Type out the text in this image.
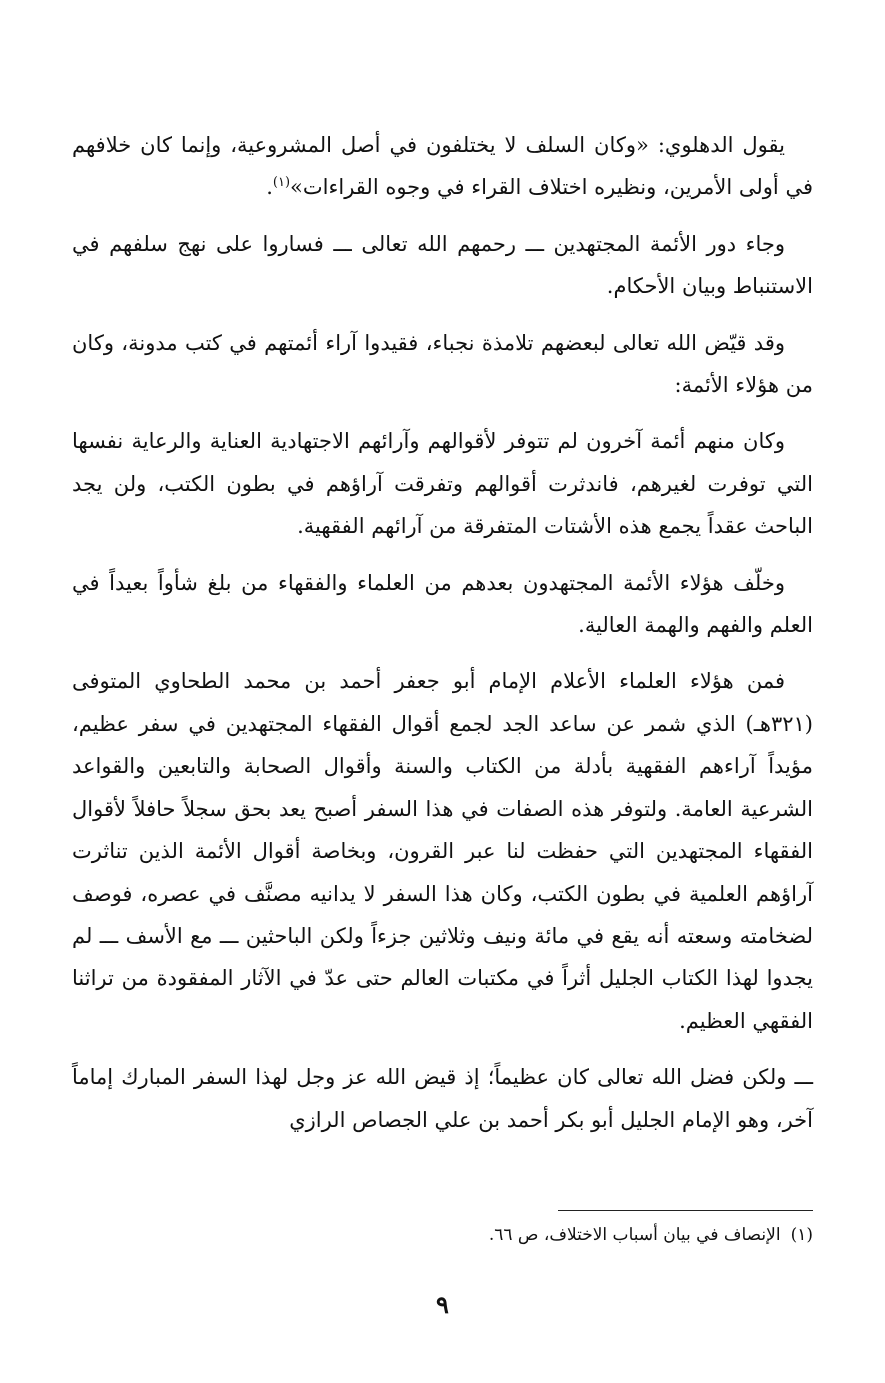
يقول الدهلوي: «وكان السلف لا يختلفون في أصل المشروعية، وإنما كان خلافهم في أولى الأمرين، ونظيره اختلاف القراء في وجوه القراءات»$^{(١)}$.

وجاء دور الأئمة المجتهدين ـــ رحمهم الله تعالى ـــ فساروا على نهج سلفهم في الاستنباط وبيان الأحكام.

وقد قيّض الله تعالى لبعضهم تلامذة نجباء، فقيدوا آراء أئمتهم في كتب مدونة، وكان من هؤلاء الأئمة:

وكان منهم أئمة آخرون لم تتوفر لأقوالهم وآرائهم الاجتهادية العناية والرعاية نفسها التي توفرت لغيرهم، فاندثرت أقوالهم وتفرقت آراؤهم في بطون الكتب، ولن يجد الباحث عقداً يجمع هذه الأشتات المتفرقة من آرائهم الفقهية.

وخلّف هؤلاء الأئمة المجتهدون بعدهم من العلماء والفقهاء من بلغ شأواً بعيداً في العلم والفهم والهمة العالية.

فمن هؤلاء العلماء الأعلام الإمام أبو جعفر أحمد بن محمد الطحاوي المتوفى (٣٢١هـ) الذي شمر عن ساعد الجد لجمع أقوال الفقهاء المجتهدين في سفر عظيم، مؤيداً آراءهم الفقهية بأدلة من الكتاب والسنة وأقوال الصحابة والتابعين والقواعد الشرعية العامة. ولتوفر هذه الصفات في هذا السفر أصبح يعد بحق سجلاً حافلاً لأقوال الفقهاء المجتهدين التي حفظت لنا عبر القرون، وبخاصة أقوال الأئمة الذين تناثرت آراؤهم العلمية في بطون الكتب، وكان هذا السفر لا يدانيه مصنَّف في عصره، فوصف لضخامته وسعته أنه يقع في مائة ونيف وثلاثين جزءاً ولكن الباحثين ـــ مع الأسف ـــ لم يجدوا لهذا الكتاب الجليل أثراً في مكتبات العالم حتى عدّ في الآثار المفقودة من تراثنا الفقهي العظيم.

ـــ ولكن فضل الله تعالى كان عظيماً؛ إذ قيض الله عز وجل لهذا السفر المبارك إماماً آخر، وهو الإمام الجليل أبو بكر أحمد بن علي الجصاص الرازي

(١)الإنصاف في بيان أسباب الاختلاف، ص ٦٦.

٩
